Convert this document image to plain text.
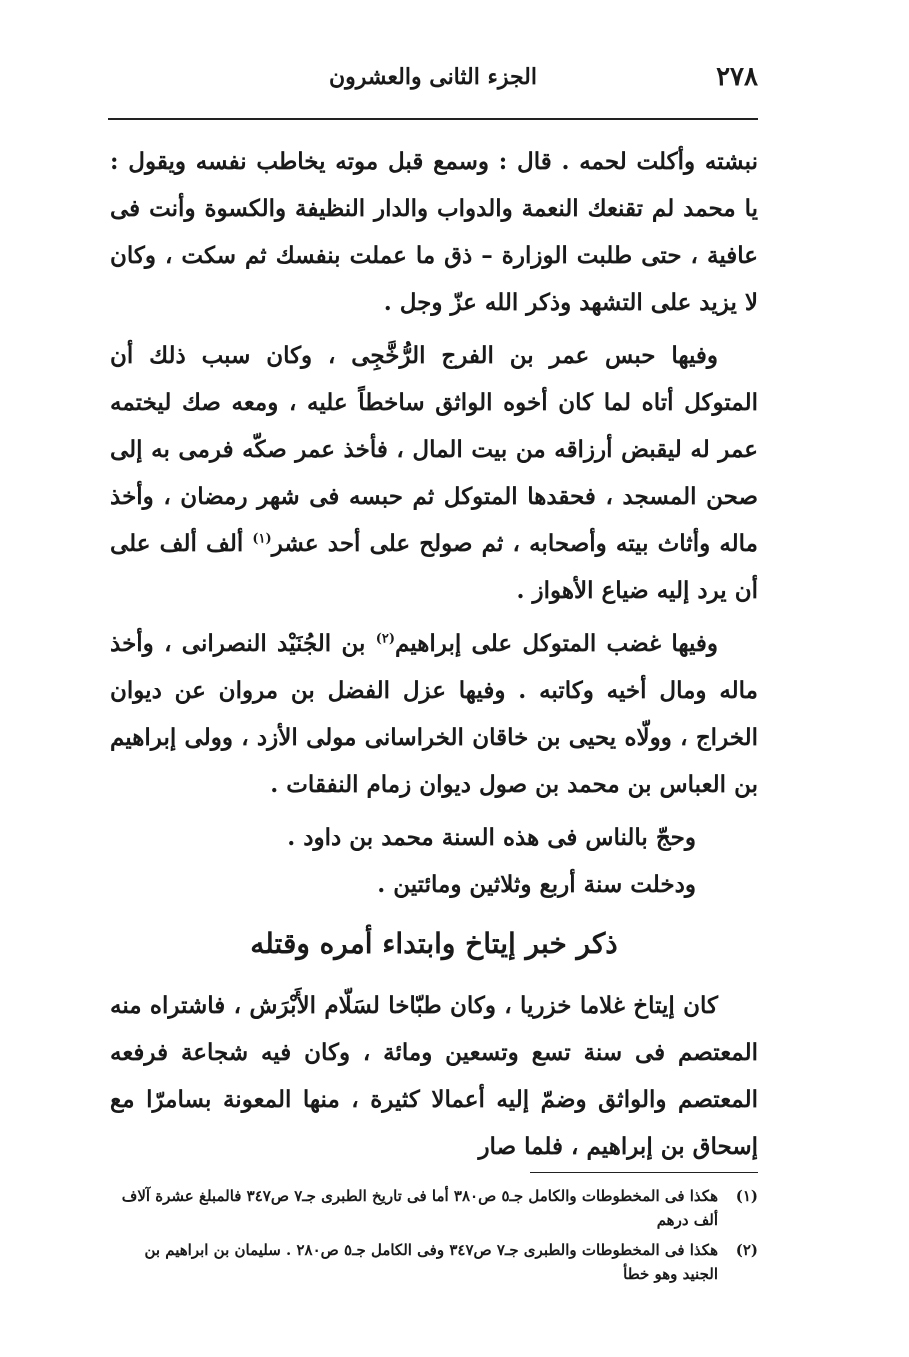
٢٧٨
الجزء الثانى والعشرون

نبشته وأكلت لحمه . قال : وسمع قبل موته يخاطب نفسه ويقول : يا محمد لم تقنعك النعمة والدواب والدار النظيفة والكسوة وأنت فى عافية ، حتى طلبت الوزارة – ذق ما عملت بنفسك ثم سكت ، وكان لا يزيد على التشهد وذكر الله عزّ وجل .

وفيها حبس عمر بن الفرج الرُّخَّجِى ، وكان سبب ذلك أن المتوكل أتاه لما كان أخوه الواثق ساخطاً عليه ، ومعه صك ليختمه عمر له ليقبض أرزاقه من بيت المال ، فأخذ عمر صكّه فرمى به إلى صحن المسجد ، فحقدها المتوكل ثم حبسه فى شهر رمضان ، وأخذ ماله وأثاث بيته وأصحابه ، ثم صولح على أحد عشر$^{(١)}$ ألف ألف على أن يرد إليه ضياع الأهواز .

وفيها غضب المتوكل على إبراهيم$^{(٢)}$ بن الجُنَيْد النصرانى ، وأخذ ماله ومال أخيه وكاتبه . وفيها عزل الفضل بن مروان عن ديوان الخراج ، وولّاه يحيى بن خاقان الخراسانى مولى الأزد ، وولى إبراهيم بن العباس بن محمد بن صول ديوان زمام النفقات .

وحجّ بالناس فى هذه السنة محمد بن داود .

ودخلت سنة أربع وثلاثين ومائتين .

ذكر خبر إيتاخ وابتداء أمره وقتله

كان إيتاخ غلاما خزريا ، وكان طبّاخا لسَلّام الأَبْرَش ، فاشتراه منه المعتصم فى سنة تسع وتسعين ومائة ، وكان فيه شجاعة فرفعه المعتصم والواثق وضمّ إليه أعمالا كثيرة ، منها المعونة بسامرّا مع إسحاق بن إبراهيم ، فلما صار

(١)
هكذا فى المخطوطات والكامل جـ٥ ص٣٨٠ أما فى تاريخ الطبرى جـ٧ ص٣٤٧ فالمبلغ عشرة آلاف ألف درهم
(٢)
هكذا فى المخطوطات والطبرى جـ٧ ص٣٤٧ وفى الكامل جـ٥ ص٢٨٠ . سليمان بن ابراهيم بن الجنيد وهو خطأ
